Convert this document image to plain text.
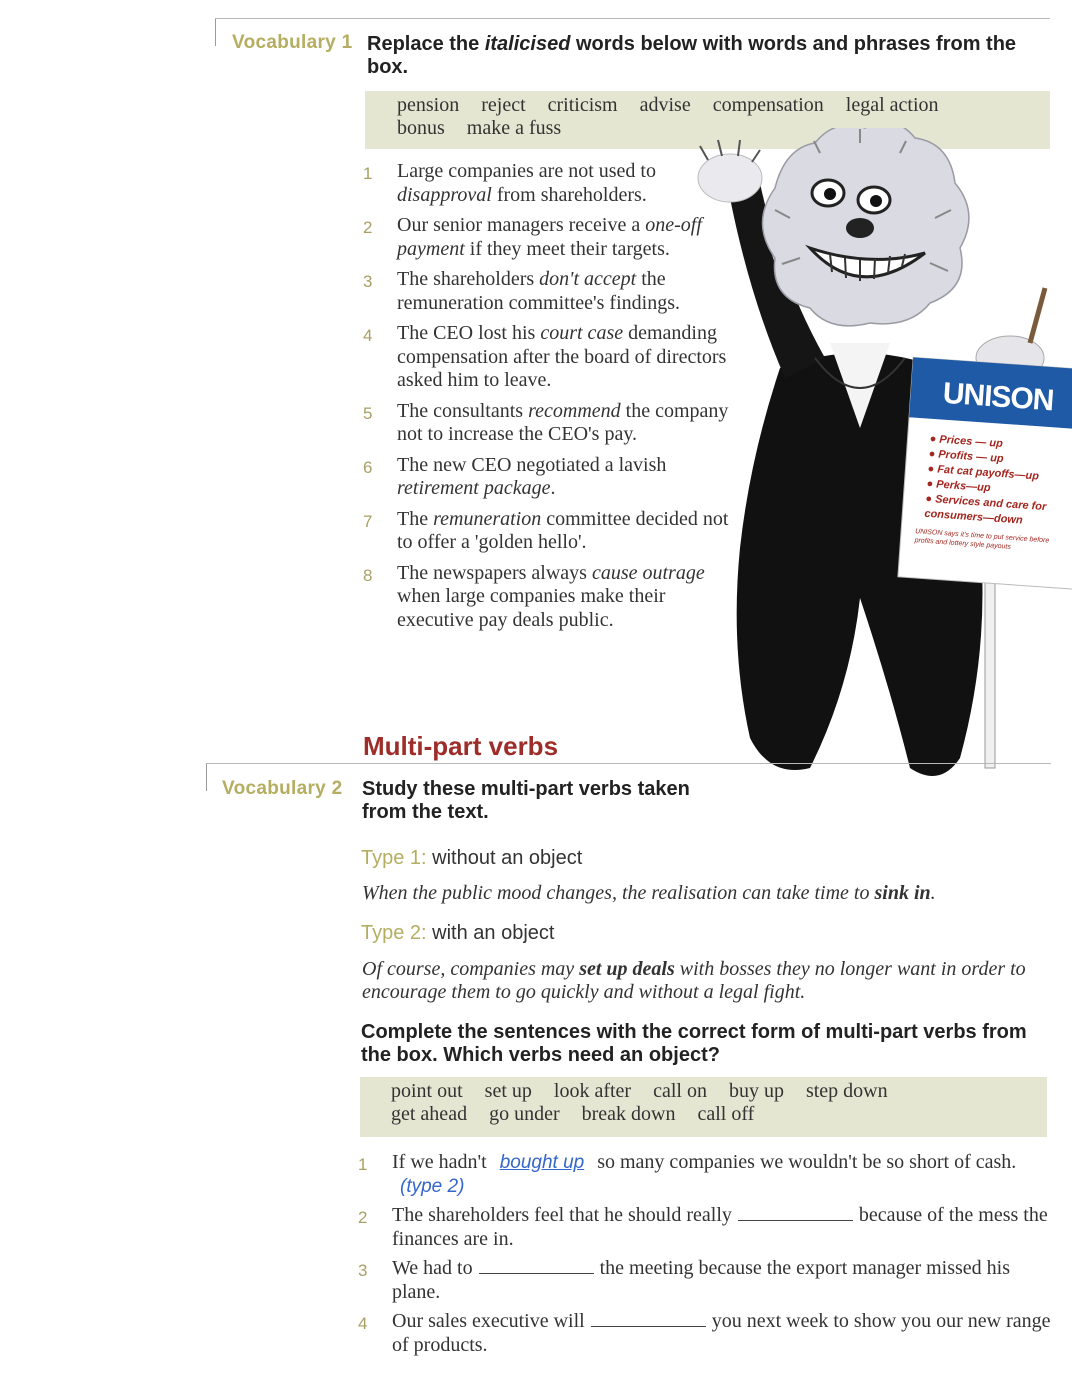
Vocabulary 1 Replace the italicised words below with words and phrases from the box.
pension reject criticism advise compensation legal action
bonus make a fuss
UNISON
● Prices — up
● Profits — up
● Fat cat payoffs—up
● Perks—up
● Services and care for consumers—down
UNISON says it's time to put service before profits and lottery style payouts
1	Large companies are not used to disapproval from shareholders.
2	Our senior managers receive a one-off payment if they meet their targets.
3	The shareholders don't accept the remuneration committee's findings.
4	The CEO lost his court case demanding compensation after the board of directors asked him to leave.
5	The consultants recommend the company not to increase the CEO's pay.
6	The new CEO negotiated a lavish retirement package.
7	The remuneration committee decided not to offer a 'golden hello'.
8	The newspapers always cause outrage when large companies make their executive pay deals public.
Multi-part verbs
Vocabulary 2 Study these multi-part verbs taken from the text.
Type 1: without an object
When the public mood changes, the realisation can take time to sink in.
Type 2: with an object
Of course, companies may set up deals with bosses they no longer want in order to encourage them to go quickly and without a legal fight.
Complete the sentences with the correct form of multi-part verbs from the box. Which verbs need an object?
point out set up look after call on buy up step down
get ahead go under break down call off
1	If we hadn't bought up so many companies we wouldn't be so short of cash.(type 2)
2	The shareholders feel that he should really	because of the mess the finances are in.
3	We had to	the meeting because the export manager missed his plane.
4	Our sales executive will	you next week to show you our new range of products.
